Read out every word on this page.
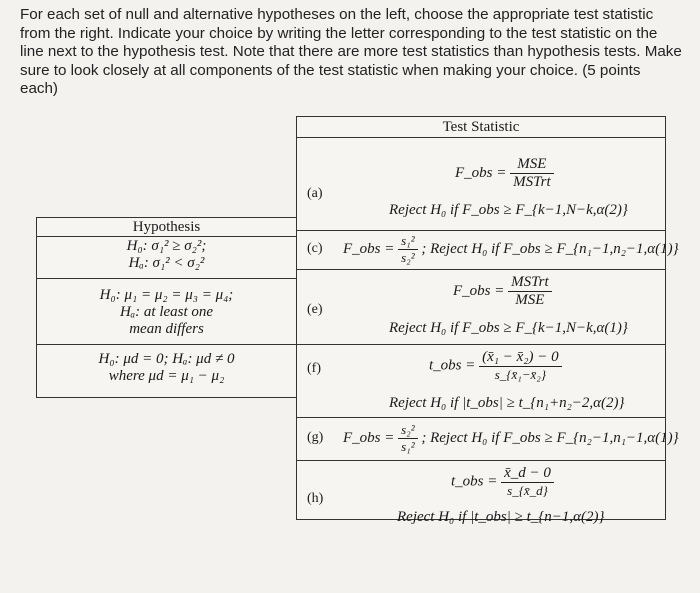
For each set of null and alternative hypotheses on the left, choose the appropriate test statistic
from the right. Indicate your choice by writing the letter corresponding to the test statistic on the
line next to the hypothesis test. Note that there are more test statistics than hypothesis tests. Make
sure to look closely at all components of the test statistic when making your choice. (5 points
each)
Test Statistic
(a)
F_obs = $\frac{\text{MSE}}{\text{MSTrt}}$
Reject H₀ if F_obs ≥ F_{k−1,N−k,α(2)}
(c) F_obs = $\frac{\text{s₁²}}{\text{s₂²}}$ ; Reject H₀ if F_obs ≥ F_{n₁−1,n₂−1,α(1)}
(e)
F_obs = $\frac{\text{MSTrt}}{\text{MSE}}$
Reject H₀ if F_obs ≥ F_{k−1,N−k,α(1)}
(f)	t_obs = $\frac{\text{(x̄₁ − x̄₂) − 0}}{\text{s\_\{x̄₁−x̄₂\}}}$
Reject H₀ if |t_obs| ≥ t_{n₁+n₂−2,α(2)}
(g) F_obs = $\frac{\text{s₂²}}{\text{s₁²}}$ ; Reject H₀ if F_obs ≥ F_{n₂−1,n₁−1,α(1)}
(h)
t_obs = $\frac{x̄\_d - 0}{s\_\{x̄\_d\}}$
Reject H₀ if |t_obs| ≥ t_{n−1,α(2)}
Hypothesis
H₀: σ₁² ≥ σ₂²;
Hₐ: σ₁² < σ₂²
H₀: μ₁ = μ₂ = μ₃ = μ₄;
Hₐ: at least one
mean differs
H₀: μd = 0; Hₐ: μd ≠ 0
where μd = μ₁ − μ₂
